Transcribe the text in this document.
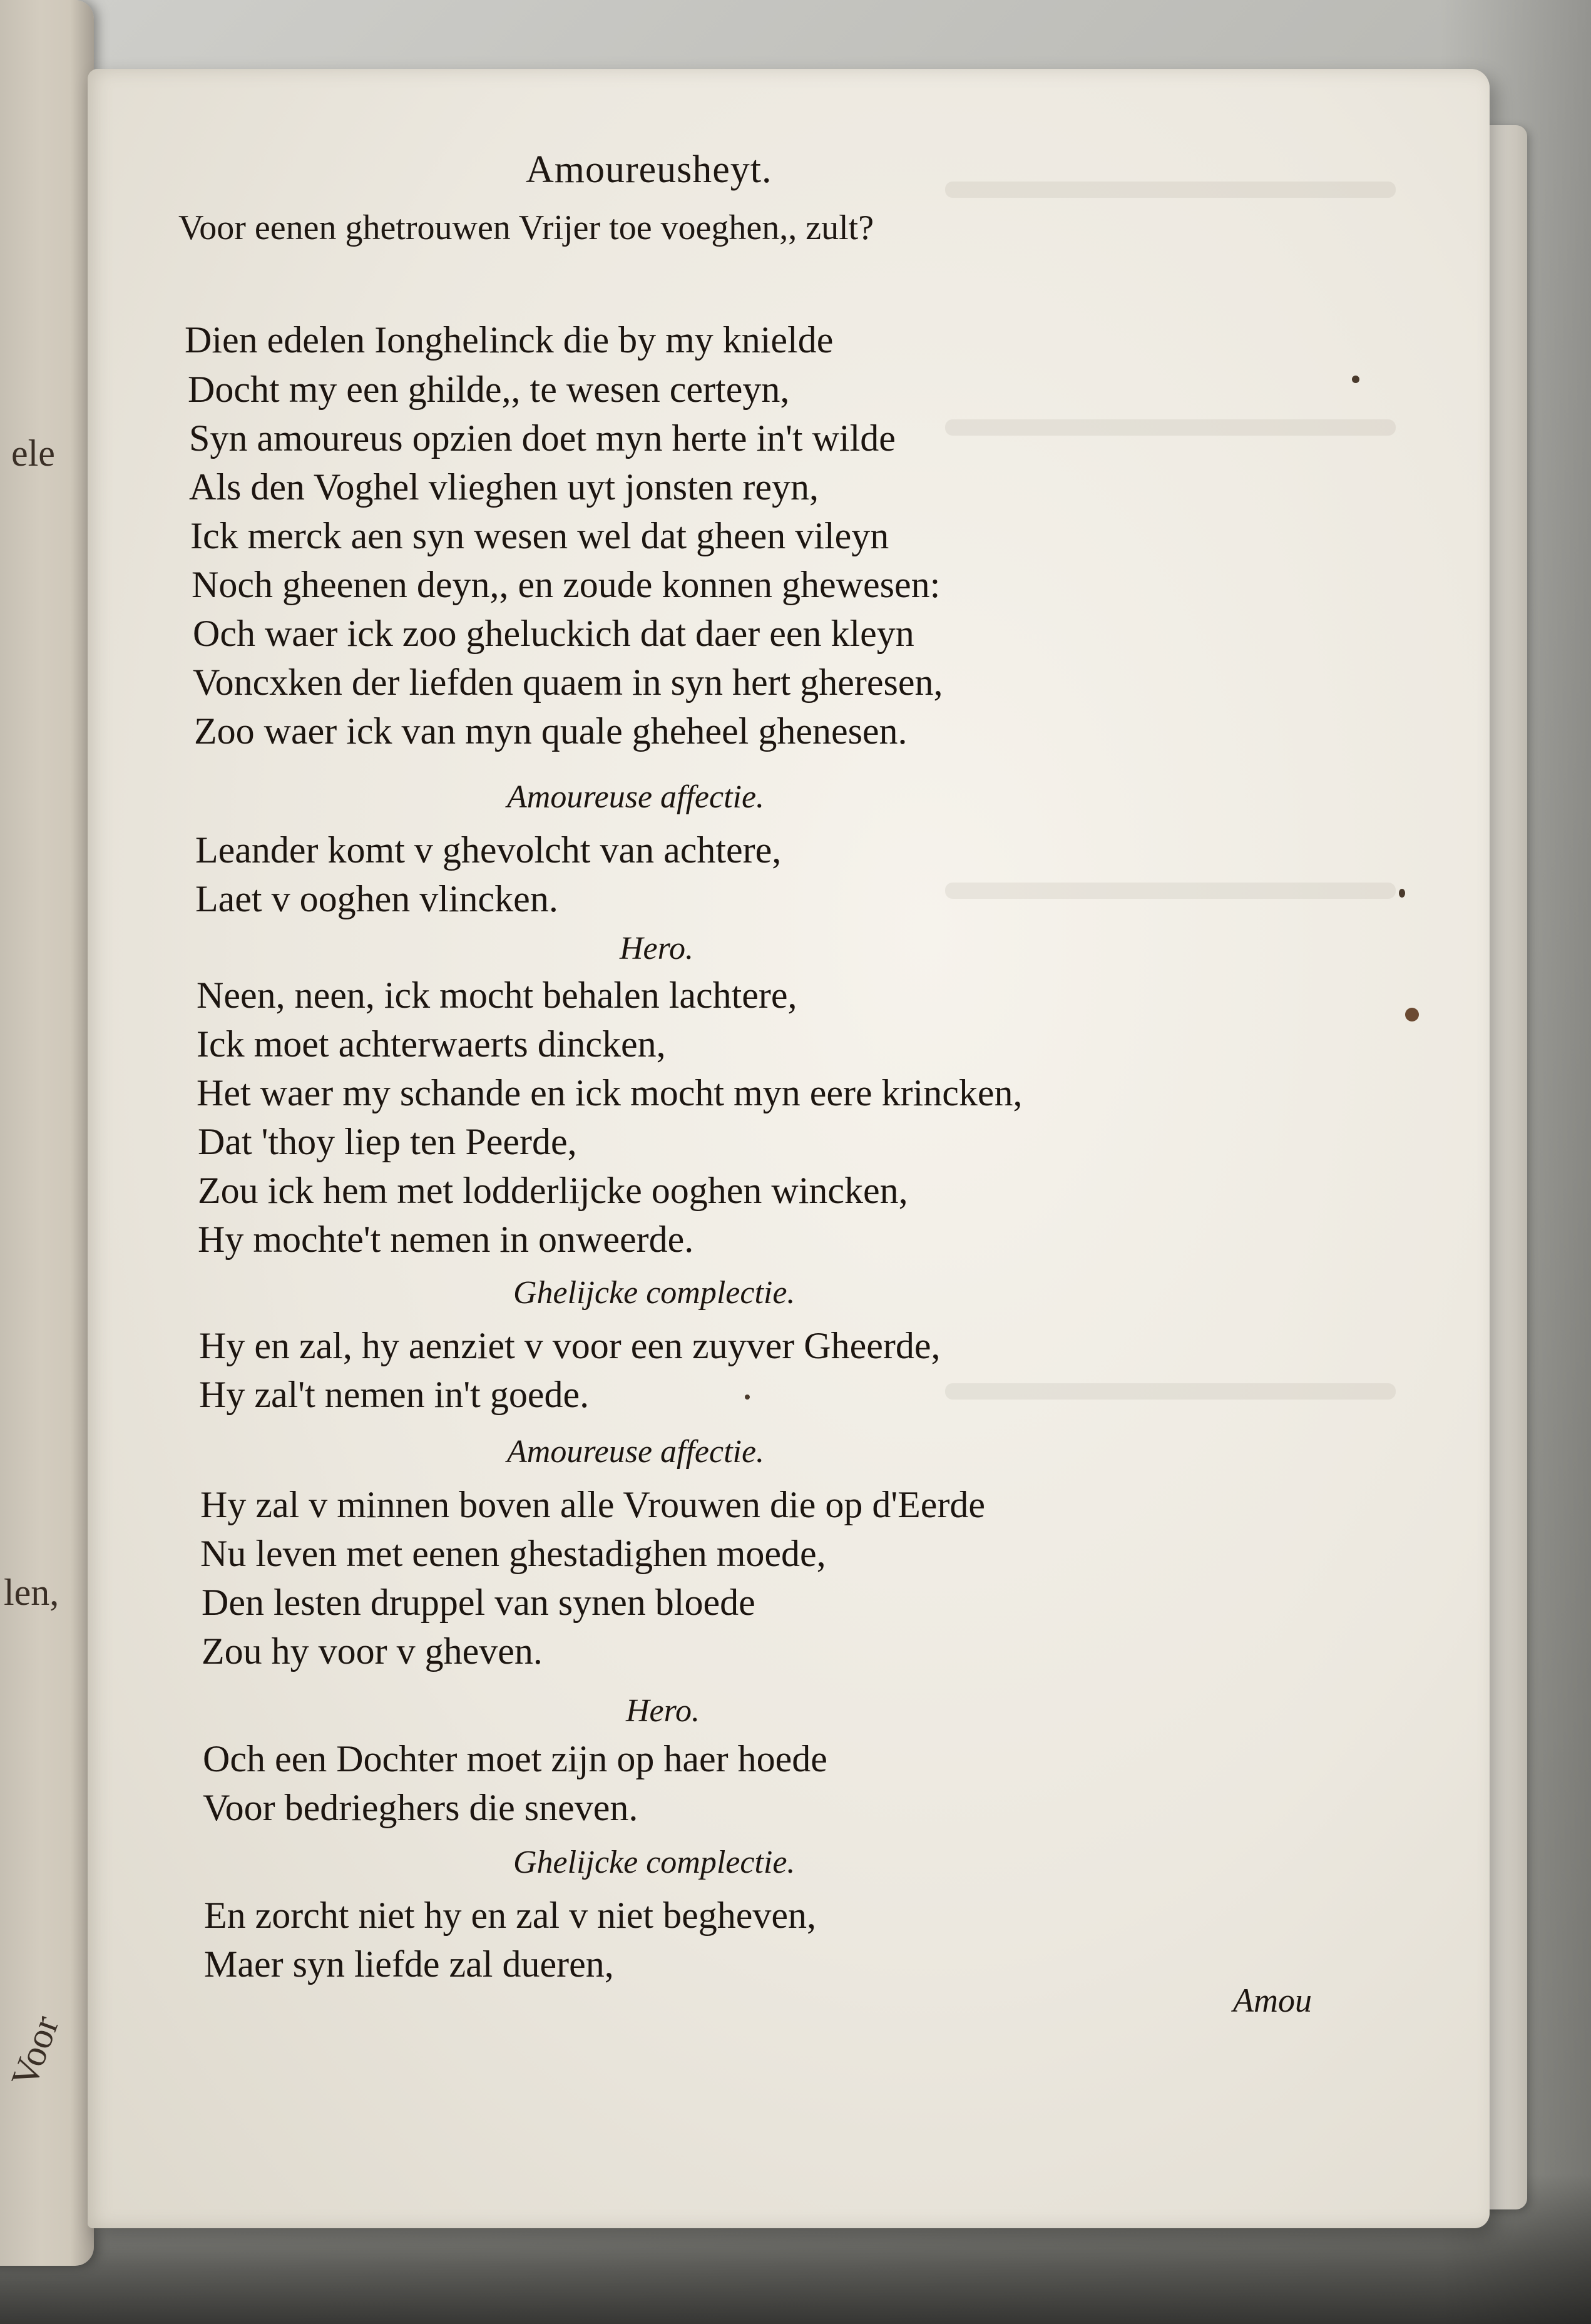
ele
len,
Voor
Amoureusheyt.
Voor eenen ghetrouwen Vrijer toe voeghen,, zult?
Dien edelen Ionghelinck die by my knielde
Docht my een ghilde,, te wesen certeyn,
Syn amoureus opzien doet myn herte in't wilde
Als den Voghel vlieghen uyt jonsten reyn,
Ick merck aen syn wesen wel dat gheen vileyn
Noch gheenen deyn,, en zoude konnen ghewesen:
Och waer ick zoo gheluckich dat daer een kleyn
Voncxken der liefden quaem in syn hert gheresen,
Zoo waer ick van myn quale gheheel ghenesen.
Amoureuse affectie.
Leander komt v ghevolcht van achtere,
Laet v ooghen vlincken.
Hero.
Neen, neen, ick mocht behalen lachtere,
Ick moet achterwaerts dincken,
Het waer my schande en ick mocht myn eere krincken,
Dat 'thoy liep ten Peerde,
Zou ick hem met lodderlijcke ooghen wincken,
Hy mochte't nemen in onweerde.
Ghelijcke complectie.
Hy en zal, hy aenziet v voor een zuyver Gheerde,
Hy zal't nemen in't goede.
Amoureuse affectie.
Hy zal v minnen boven alle Vrouwen die op d'Eerde
Nu leven met eenen ghestadighen moede,
Den lesten druppel van synen bloede
Zou hy voor v gheven.
Hero.
Och een Dochter moet zijn op haer hoede
Voor bedrieghers die sneven.
Ghelijcke complectie.
En zorcht niet hy en zal v niet begheven,
Maer syn liefde zal dueren,
Amou
